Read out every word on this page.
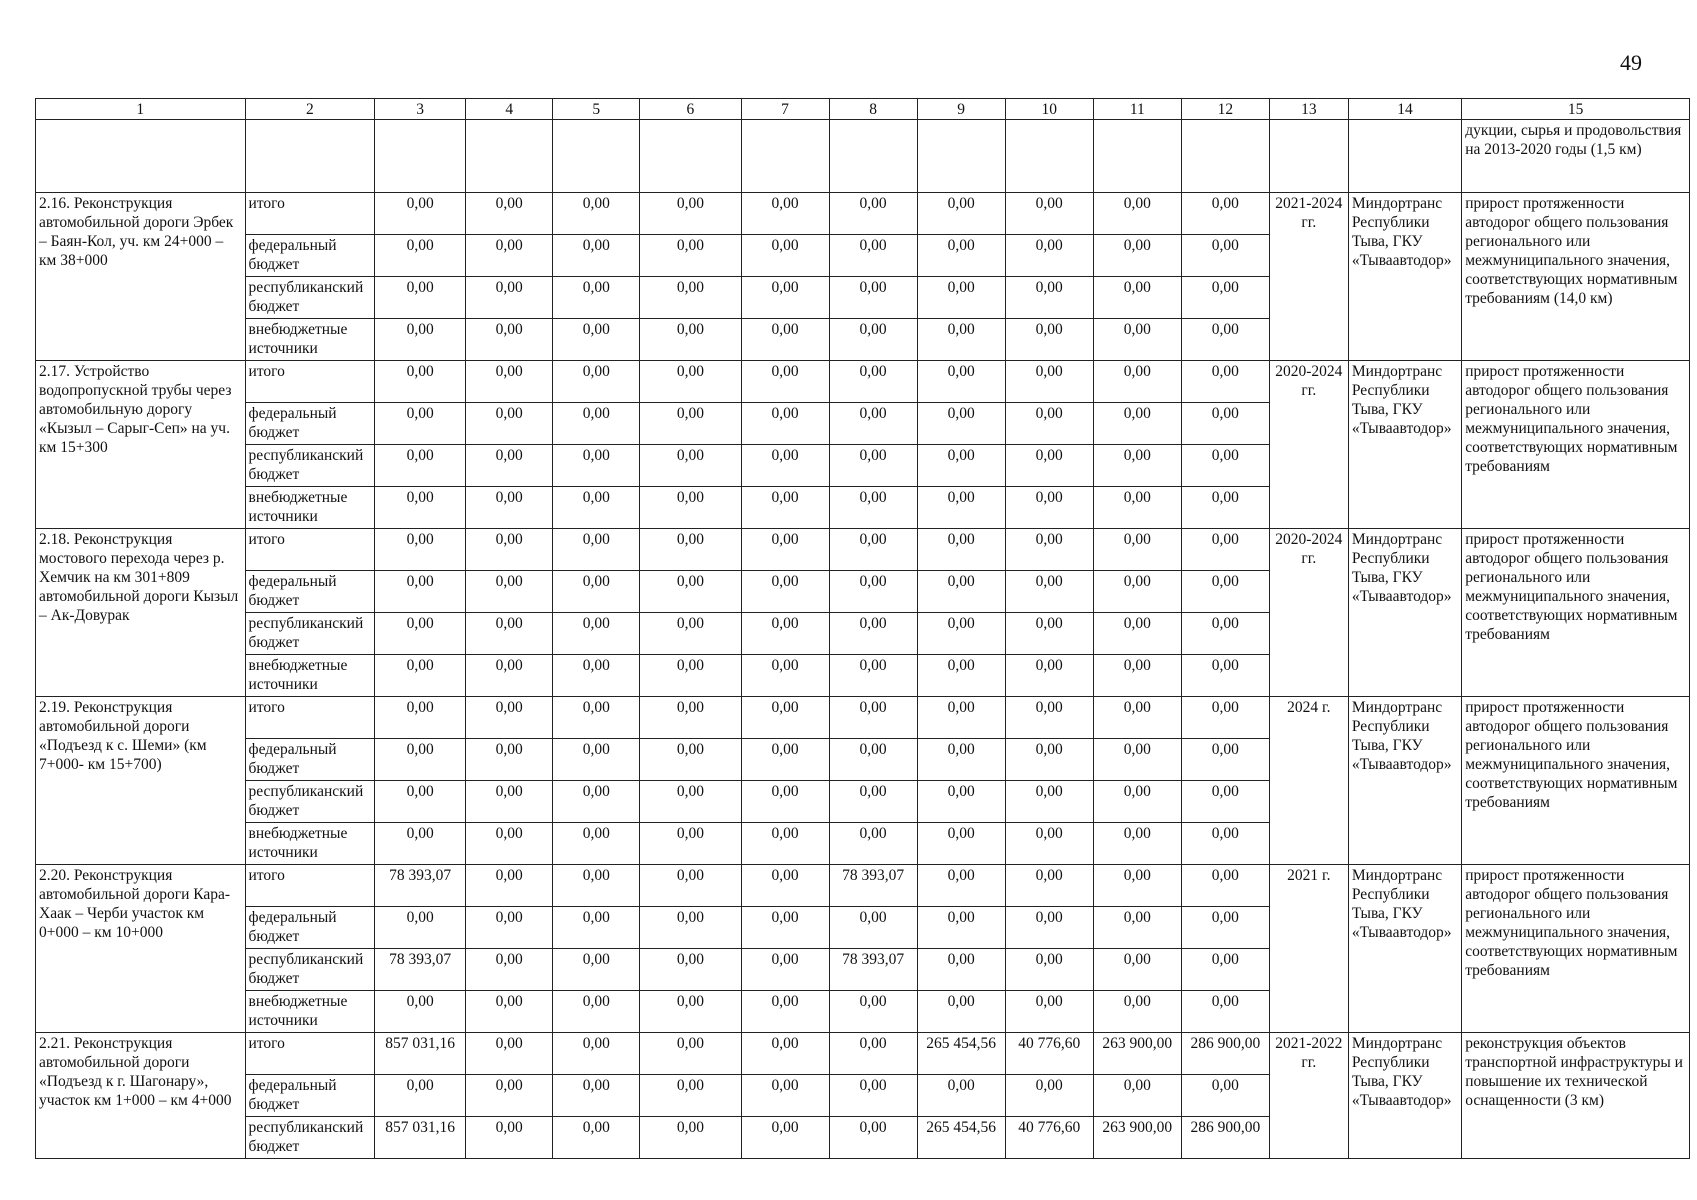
49
1	2	3	4	5	6	7	8	9	10	11	12	13	14	15
														дукции, сырья и продовольствия на 2013-2020 годы (1,5 км)
2.16. Реконструкция автомобильной дороги Эрбек – Баян-Кол, уч. км 24+000 – км 38+000	итого	0,00	0,00	0,00	0,00	0,00	0,00	0,00	0,00	0,00	0,00	2021-2024 гг.	Миндортранс Республики Тыва, ГКУ «Тываавтодор»	прирост протяженности автодорог общего пользования регионального или межмуниципального значения, соответствующих нормативным требованиям (14,0 км)
	федеральный бюджет	0,00	0,00	0,00	0,00	0,00	0,00	0,00	0,00	0,00	0,00			
	республиканский бюджет	0,00	0,00	0,00	0,00	0,00	0,00	0,00	0,00	0,00	0,00			
	внебюджетные источники	0,00	0,00	0,00	0,00	0,00	0,00	0,00	0,00	0,00	0,00			
2.17. Устройство водопропускной трубы через автомобильную дорогу «Кызыл – Сарыг-Сеп» на уч. км 15+300	итого	0,00	0,00	0,00	0,00	0,00	0,00	0,00	0,00	0,00	0,00	2020-2024 гг.	Миндортранс Республики Тыва, ГКУ «Тываавтодор»	прирост протяженности автодорог общего пользования регионального или межмуниципального значения, соответствующих нормативным требованиям
	федеральный бюджет	0,00	0,00	0,00	0,00	0,00	0,00	0,00	0,00	0,00	0,00			
	республиканский бюджет	0,00	0,00	0,00	0,00	0,00	0,00	0,00	0,00	0,00	0,00			
	внебюджетные источники	0,00	0,00	0,00	0,00	0,00	0,00	0,00	0,00	0,00	0,00			
2.18. Реконструкция мостового перехода через р. Хемчик на км 301+809 автомобильной дороги Кызыл – Ак-Довурак	итого	0,00	0,00	0,00	0,00	0,00	0,00	0,00	0,00	0,00	0,00	2020-2024 гг.	Миндортранс Республики Тыва, ГКУ «Тываавтодор»	прирост протяженности автодорог общего пользования регионального или межмуниципального значения, соответствующих нормативным требованиям
	федеральный бюджет	0,00	0,00	0,00	0,00	0,00	0,00	0,00	0,00	0,00	0,00			
	республиканский бюджет	0,00	0,00	0,00	0,00	0,00	0,00	0,00	0,00	0,00	0,00			
	внебюджетные источники	0,00	0,00	0,00	0,00	0,00	0,00	0,00	0,00	0,00	0,00			
2.19. Реконструкция автомобильной дороги «Подъезд к с. Шеми» (км 7+000- км 15+700)	итого	0,00	0,00	0,00	0,00	0,00	0,00	0,00	0,00	0,00	0,00	2024 г.	Миндортранс Республики Тыва, ГКУ «Тываавтодор»	прирост протяженности автодорог общего пользования регионального или межмуниципального значения, соответствующих нормативным требованиям
	федеральный бюджет	0,00	0,00	0,00	0,00	0,00	0,00	0,00	0,00	0,00	0,00			
	республиканский бюджет	0,00	0,00	0,00	0,00	0,00	0,00	0,00	0,00	0,00	0,00			
	внебюджетные источники	0,00	0,00	0,00	0,00	0,00	0,00	0,00	0,00	0,00	0,00			
2.20. Реконструкция автомобильной дороги Кара-Хаак – Черби участок км 0+000 – км 10+000	итого	78 393,07	0,00	0,00	0,00	0,00	78 393,07	0,00	0,00	0,00	0,00	2021 г.	Миндортранс Республики Тыва, ГКУ «Тываавтодор»	прирост протяженности автодорог общего пользования регионального или межмуниципального значения, соответствующих нормативным требованиям
	федеральный бюджет	0,00	0,00	0,00	0,00	0,00	0,00	0,00	0,00	0,00	0,00			
	республиканский бюджет	78 393,07	0,00	0,00	0,00	0,00	78 393,07	0,00	0,00	0,00	0,00			
	внебюджетные источники	0,00	0,00	0,00	0,00	0,00	0,00	0,00	0,00	0,00	0,00			
2.21. Реконструкция автомобильной дороги «Подъезд к г. Шагонару», участок км 1+000 – км 4+000	итого	857 031,16	0,00	0,00	0,00	0,00	0,00	265 454,56	40 776,60	263 900,00	286 900,00	2021-2022 гг.	Миндортранс Республики Тыва, ГКУ «Тываавтодор»	реконструкция объектов транспортной инфраструктуры и повышение их технической оснащенности (3 км)
	федеральный бюджет	0,00	0,00	0,00	0,00	0,00	0,00	0,00	0,00	0,00	0,00			
	республиканский бюджет	857 031,16	0,00	0,00	0,00	0,00	0,00	265 454,56	40 776,60	263 900,00	286 900,00			
